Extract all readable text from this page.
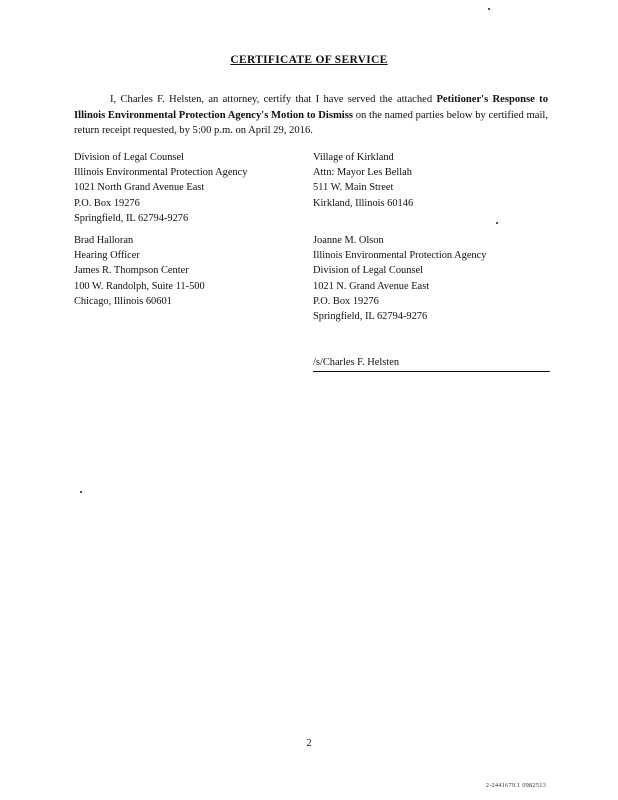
CERTIFICATE OF SERVICE

I, Charles F. Helsten, an attorney, certify that I have served the attached Petitioner's Response to Illinois Environmental Protection Agency's Motion to Dismiss on the named parties below by certified mail, return receipt requested, by 5:00 p.m. on April 29, 2016.

Division of Legal Counsel
Illinois Environmental Protection Agency
1021 North Grand Avenue East
P.O. Box 19276
Springfield, IL 62794-9276
Village of Kirkland
Attn: Mayor Les Bellah
511 W. Main Street
Kirkland, Illinois 60146
Brad Halloran
Hearing Officer
James R. Thompson Center
100 W. Randolph, Suite 11-500
Chicago, Illinois 60601
Joanne M. Olson
Illinois Environmental Protection Agency
Division of Legal Counsel
1021 N. Grand Avenue East
P.O. Box 19276
Springfield, IL 62794-9276
/s/Charles F. Helsten
2
2-2441679.1 0982513
